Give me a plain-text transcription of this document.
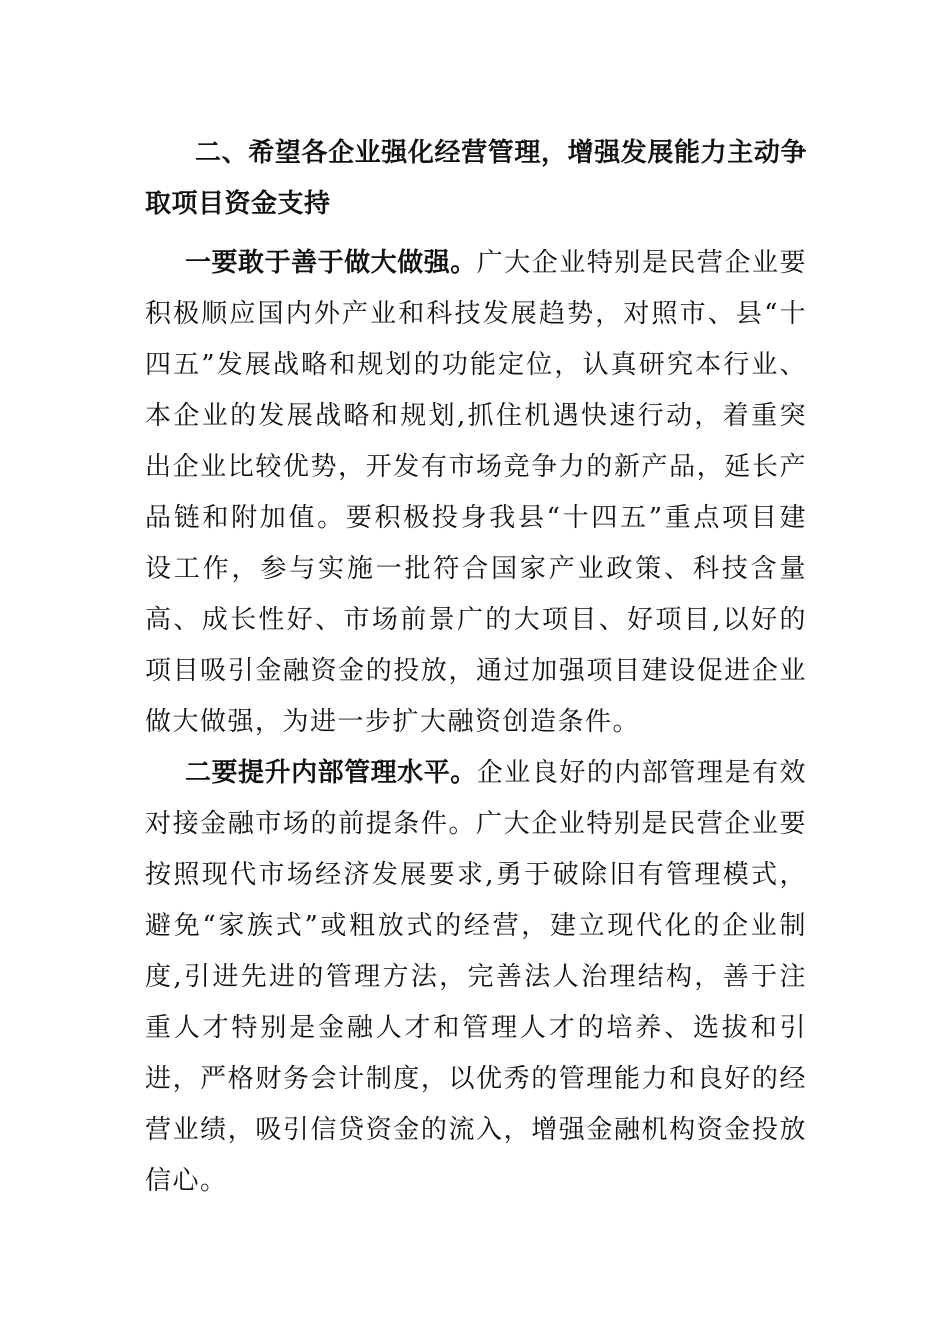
二、希望各企业强化经营管理，增强发展能力主动争取项目资金支持

一要敢于善于做大做强。广大企业特别是民营企业要积极顺应国内外产业和科技发展趋势，对照市、县“十四五”发展战略和规划的功能定位，认真研究本行业、本企业的发展战略和规划,抓住机遇快速行动，着重突出企业比较优势，开发有市场竞争力的新产品，延长产品链和附加值。要积极投身我县“十四五”重点项目建设工作，参与实施一批符合国家产业政策、科技含量高、成长性好、市场前景广的大项目、好项目,以好的项目吸引金融资金的投放，通过加强项目建设促进企业做大做强，为进一步扩大融资创造条件。

二要提升内部管理水平。企业良好的内部管理是有效对接金融市场的前提条件。广大企业特别是民营企业要按照现代市场经济发展要求,勇于破除旧有管理模式，避免“家族式”或粗放式的经营，建立现代化的企业制度,引进先进的管理方法，完善法人治理结构，善于注重人才特别是金融人才和管理人才的培养、选拔和引进，严格财务会计制度，以优秀的管理能力和良好的经营业绩，吸引信贷资金的流入，增强金融机构资金投放信心。
